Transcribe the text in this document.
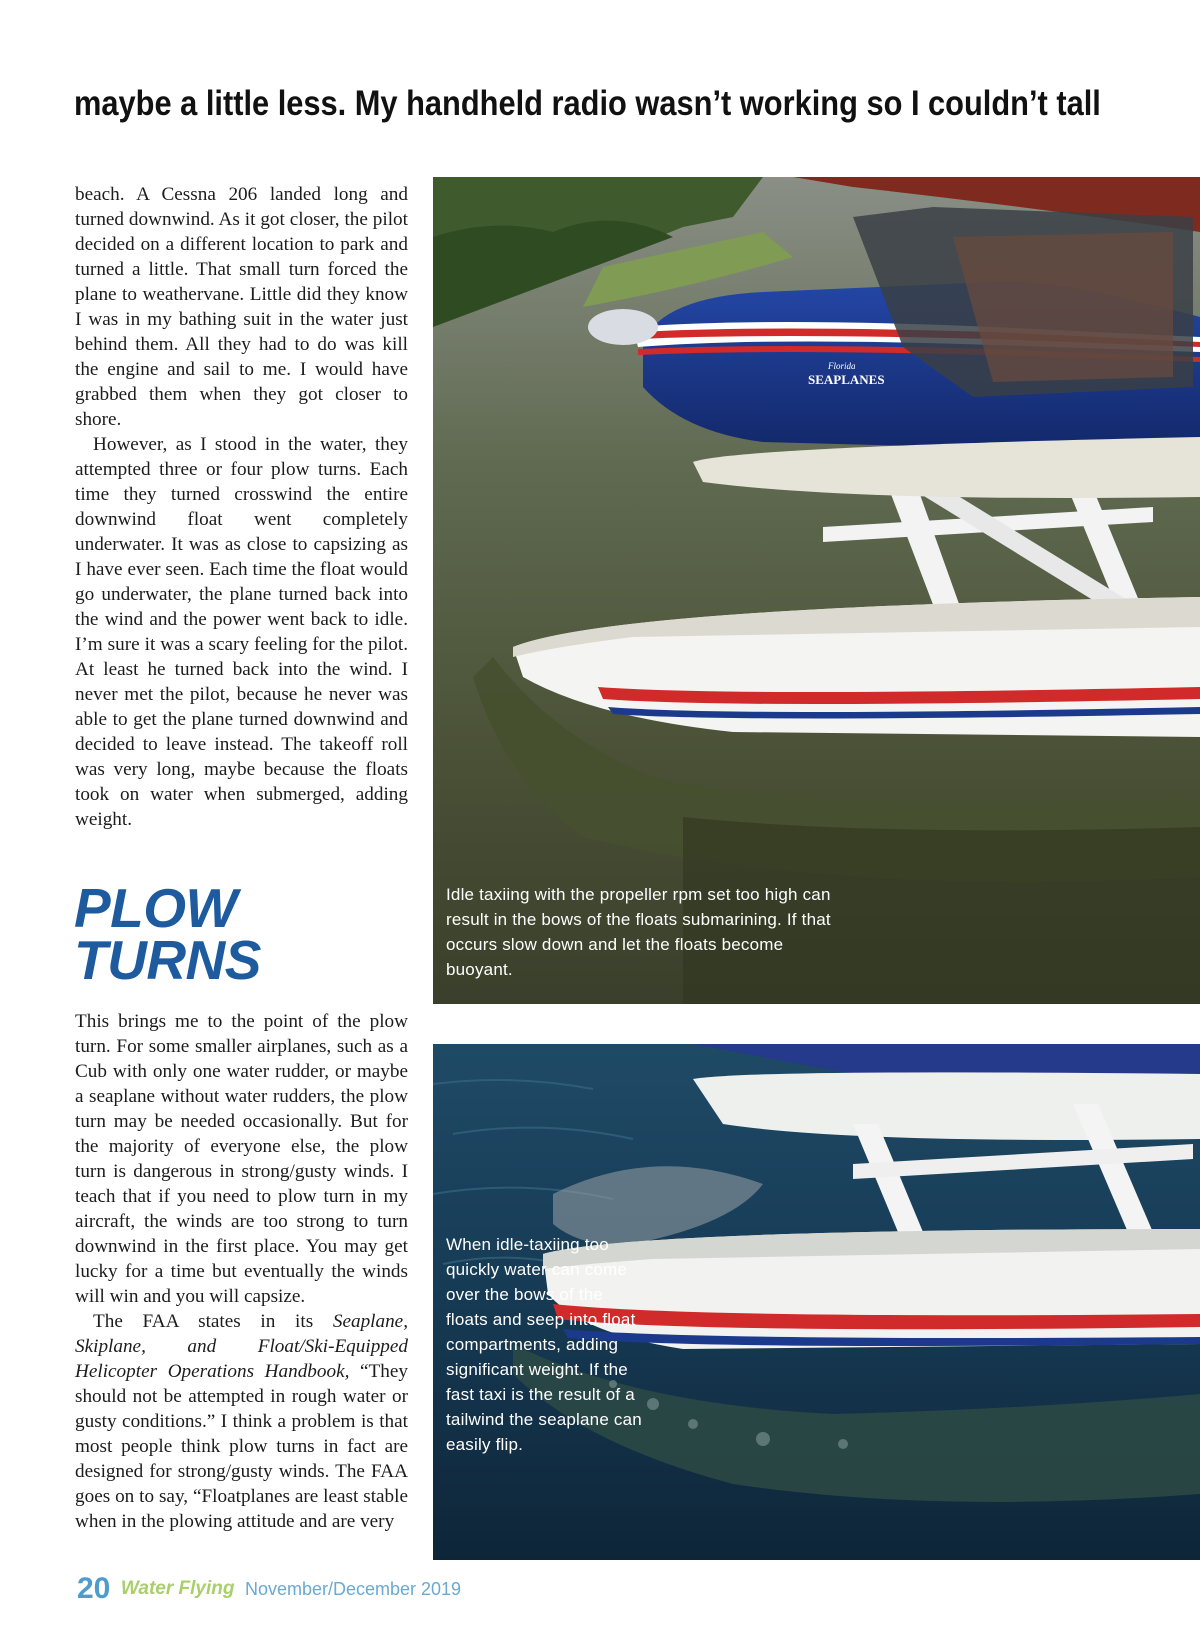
maybe a little less. My handheld radio wasn’t working so I couldn’t tall

beach. A Cessna 206 landed long and turned downwind. As it got closer, the pilot decided on a different location to park and turned a little. That small turn forced the plane to weathervane. Little did they know I was in my bathing suit in the water just behind them. All they had to do was kill the engine and sail to me. I would have grabbed them when they got closer to shore.

However, as I stood in the water, they attempted three or four plow turns. Each time they turned crosswind the entire downwind float went completely underwater. It was as close to capsizing as I have ever seen. Each time the float would go underwater, the plane turned back into the wind and the power went back to idle. I’m sure it was a scary feeling for the pilot. At least he turned back into the wind. I never met the pilot, because he never was able to get the plane turned downwind and decided to leave instead. The takeoff roll was very long, maybe because the floats took on water when submerged, adding weight.

PLOW
TURNS

This brings me to the point of the plow turn. For some smaller airplanes, such as a Cub with only one water rudder, or maybe a seaplane without water rudders, the plow turn may be needed occasionally. But for the majority of everyone else, the plow turn is dangerous in strong/gusty winds. I teach that if you need to plow turn in my aircraft, the winds are too strong to turn downwind in the first place. You may get lucky for a time but eventually the winds will win and you will capsize.

The FAA states in its Seaplane, Skiplane, and Float/Ski-Equipped Helicopter Operations Handbook, “They should not be attempted in rough water or gusty conditions.” I think a problem is that most people think plow turns in fact are designed for strong/gusty winds. The FAA goes on to say, “Floatplanes are least stable when in the plowing attitude and are very

Florida
SEAPLANES
Idle taxiing with the propeller rpm set too high can result in the bows of the floats submarining. If that occurs slow down and let the floats become buoyant.
When idle-taxiing too quickly water can come over the bows of the floats and seep into float compartments, adding significant weight. If the fast taxi is the result of a tailwind the seaplane can easily flip.
20 Water Flying November/December 2019
